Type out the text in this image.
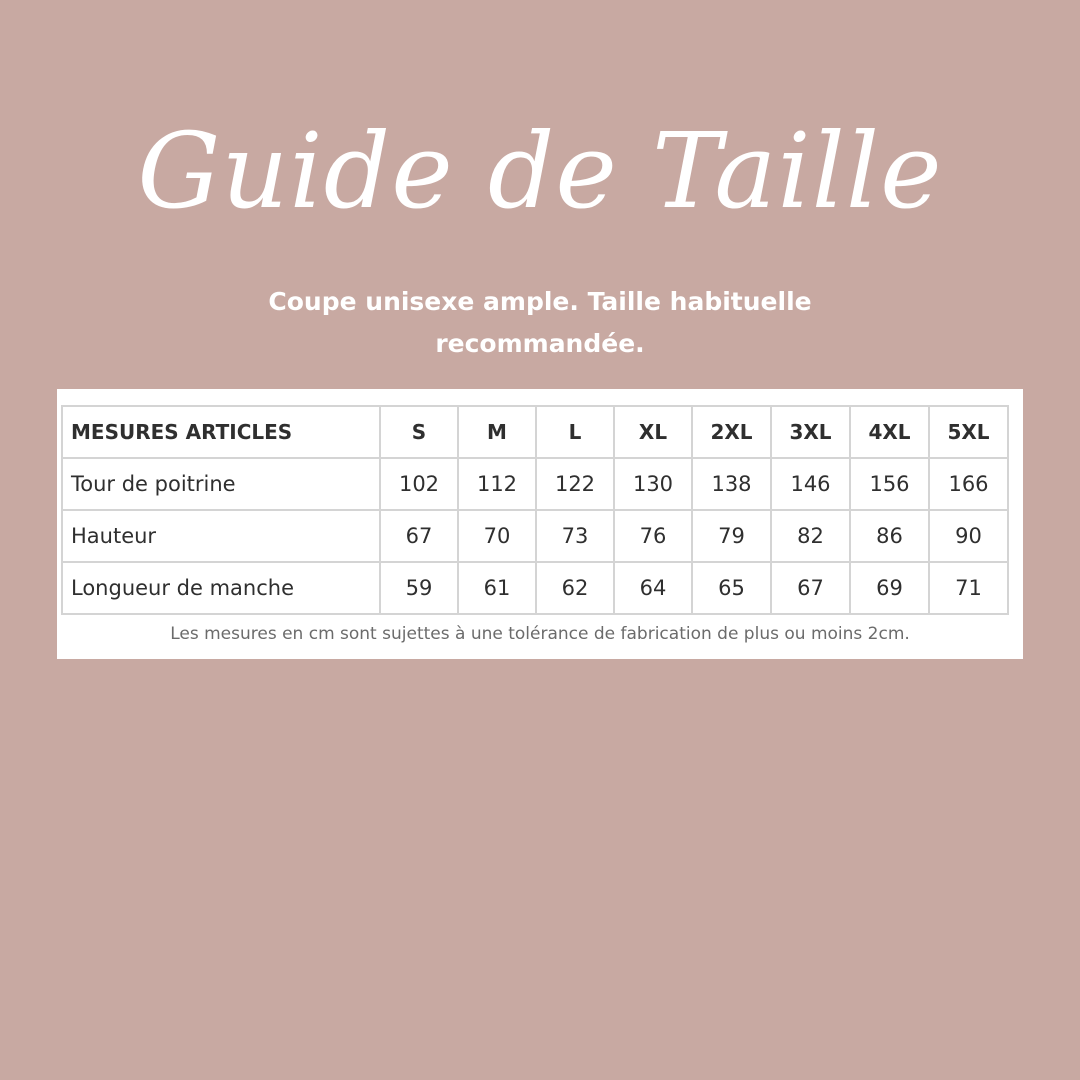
Guide de Taille
Coupe unisexe ample. Taille habituelle recommandée.
MESURES ARTICLES	S	M	L	XL	2XL	3XL	4XL	5XL
Tour de poitrine	102	112	122	130	138	146	156	166
Hauteur	67	70	73	76	79	82	86	90
Longueur de manche	59	61	62	64	65	67	69	71
Les mesures en cm sont sujettes à une tolérance de fabrication de plus ou moins 2cm.
